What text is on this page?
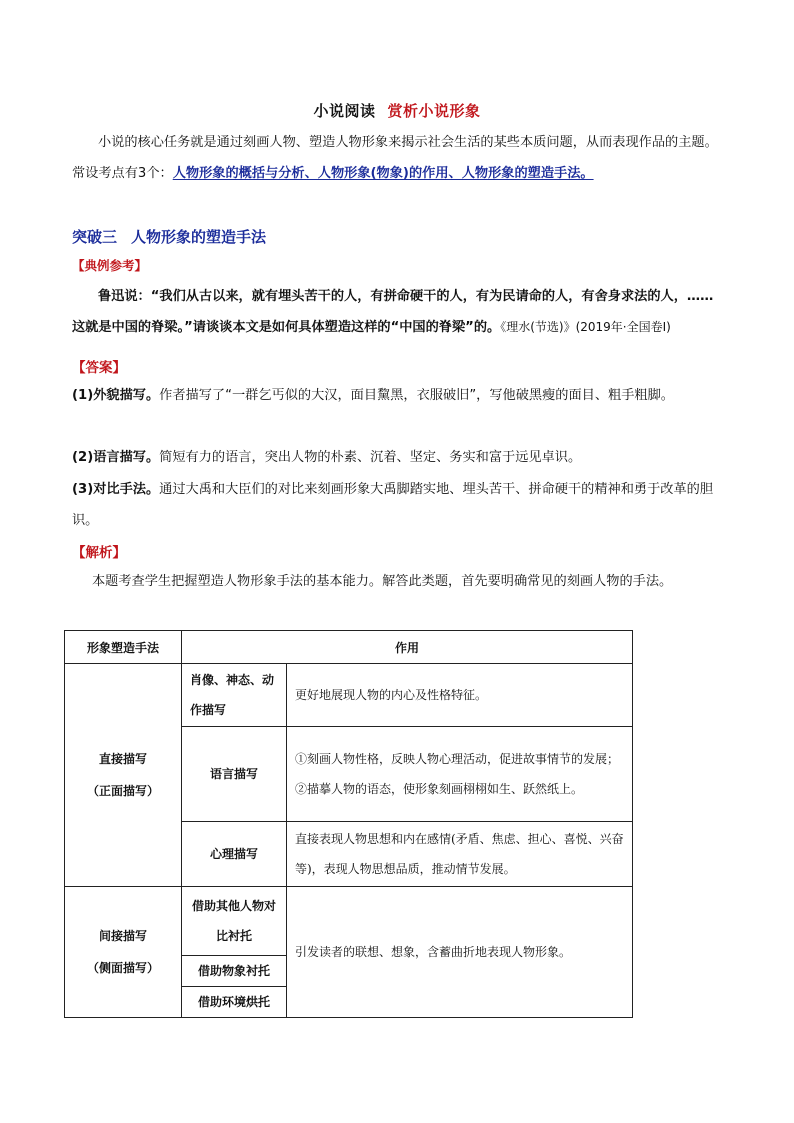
小说阅读 赏析小说形象
小说的核心任务就是通过刻画人物、塑造人物形象来揭示社会生活的某些本质问题，从而表现作品的主题。常设考点有3个：人物形象的概括与分析、人物形象(物象)的作用、人物形象的塑造手法。
突破三 人物形象的塑造手法
【典例参考】
鲁迅说：“我们从古以来，就有埋头苦干的人，有拼命硬干的人，有为民请命的人，有舍身求法的人，……这就是中国的脊梁。”请谈谈本文是如何具体塑造这样的“中国的脊梁”的。《理水(节选)》(2019年·全国卷Ⅰ)
【答案】
(1)外貌描写。作者描写了“一群乞丐似的大汉，面目黧黑，衣服破旧”，写他破黑瘦的面目、粗手粗脚。
(2)语言描写。简短有力的语言，突出人物的朴素、沉着、坚定、务实和富于远见卓识。
(3)对比手法。通过大禹和大臣们的对比来刻画形象大禹脚踏实地、埋头苦干、拼命硬干的精神和勇于改革的胆识。
【解析】
本题考查学生把握塑造人物形象手法的基本能力。解答此类题，首先要明确常见的刻画人物的手法。
形象塑造手法	作用	

直接描写
（正面描写）	肖像、神态、动作描写	更好地展现人物的内心及性格特征。
	语言描写	①刻画人物性格，反映人物心理活动，促进故事情节的发展；②描摹人物的语态，使形象刻画栩栩如生、跃然纸上。
	心理描写	直接表现人物思想和内在感情(矛盾、焦虑、担心、喜悦、兴奋等)，表现人物思想品质，推动情节发展。

间接描写
（侧面描写）	借助其他人物对比衬托	引发读者的联想、想象，含蓄曲折地表现人物形象。
	借助物象衬托	
	借助环境烘托	
